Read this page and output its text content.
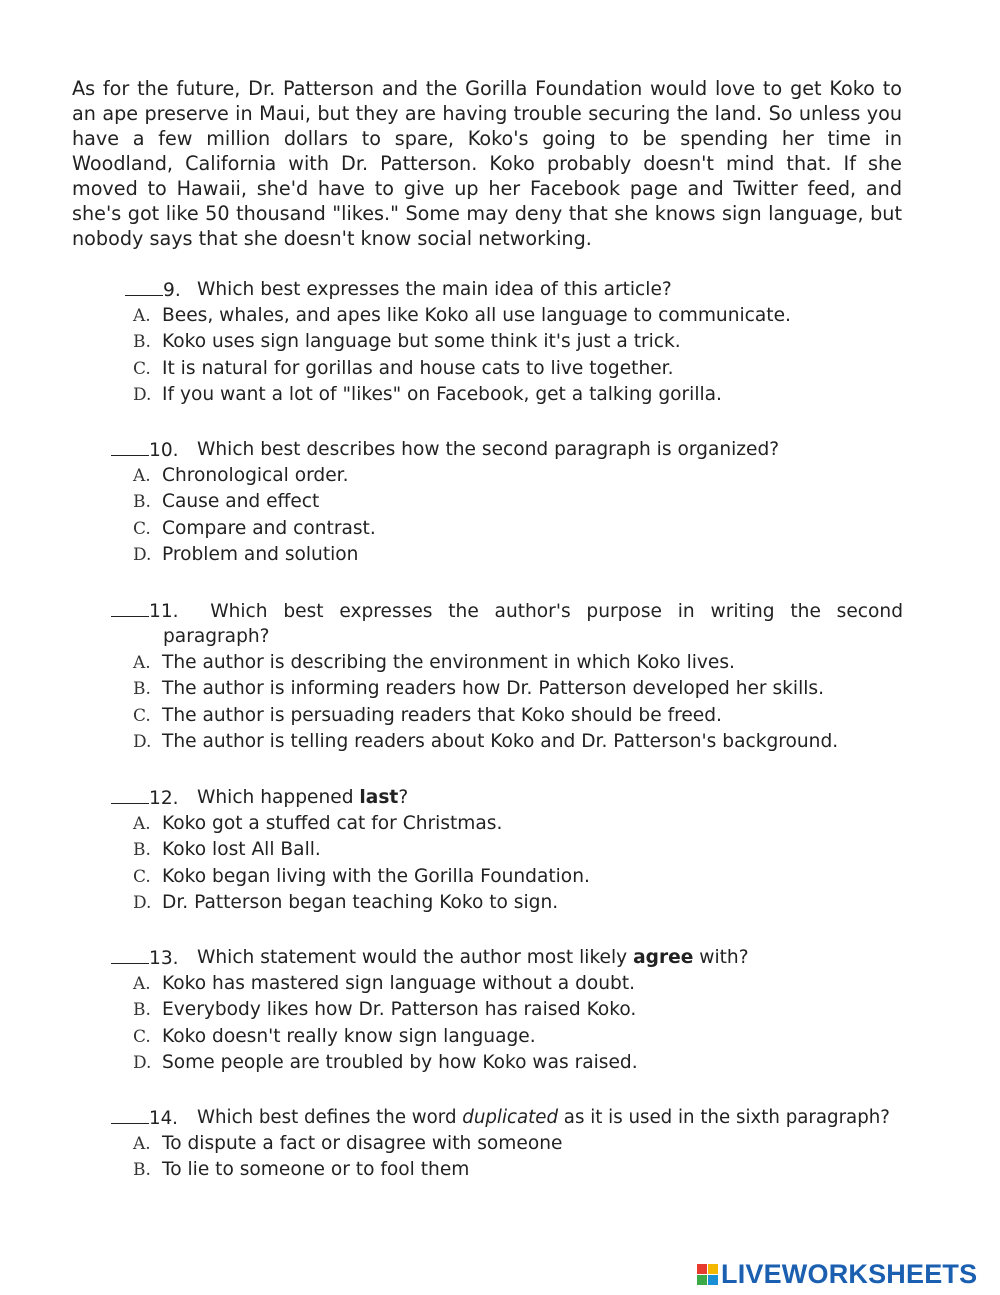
As for the future, Dr. Patterson and the Gorilla Foundation would love to get Koko to an ape preserve in Maui, but they are having trouble securing the land. So unless you have a few million dollars to spare, Koko's going to be spending her time in Woodland, California with Dr. Patterson. Koko probably doesn't mind that. If she moved to Hawaii, she'd have to give up her Facebook page and Twitter feed, and she's got like 50 thousand "likes." Some may deny that she knows sign language, but nobody says that she doesn't know social networking.

9. Which best expresses the main idea of this article?
A. Bees, whales, and apes like Koko all use language to communicate.
B. Koko uses sign language but some think it's just a trick.
C. It is natural for gorillas and house cats to live together.
D. If you want a lot of "likes" on Facebook, get a talking gorilla.
10. Which best describes how the second paragraph is organized?
A. Chronological order.
B. Cause and effect
C. Compare and contrast.
D. Problem and solution
11. Which best expresses the author's purpose in writing the second
paragraph?
A. The author is describing the environment in which Koko lives.
B. The author is informing readers how Dr. Patterson developed her skills.
C. The author is persuading readers that Koko should be freed.
D. The author is telling readers about Koko and Dr. Patterson's background.
12. Which happened last?
A. Koko got a stuffed cat for Christmas.
B. Koko lost All Ball.
C. Koko began living with the Gorilla Foundation.
D. Dr. Patterson began teaching Koko to sign.
13. Which statement would the author most likely agree with?
A. Koko has mastered sign language without a doubt.
B. Everybody likes how Dr. Patterson has raised Koko.
C. Koko doesn't really know sign language.
D. Some people are troubled by how Koko was raised.
14. Which best defines the word duplicated as it is used in the sixth paragraph?
A. To dispute a fact or disagree with someone
B. To lie to someone or to fool them
LIVEWORKSHEETS
